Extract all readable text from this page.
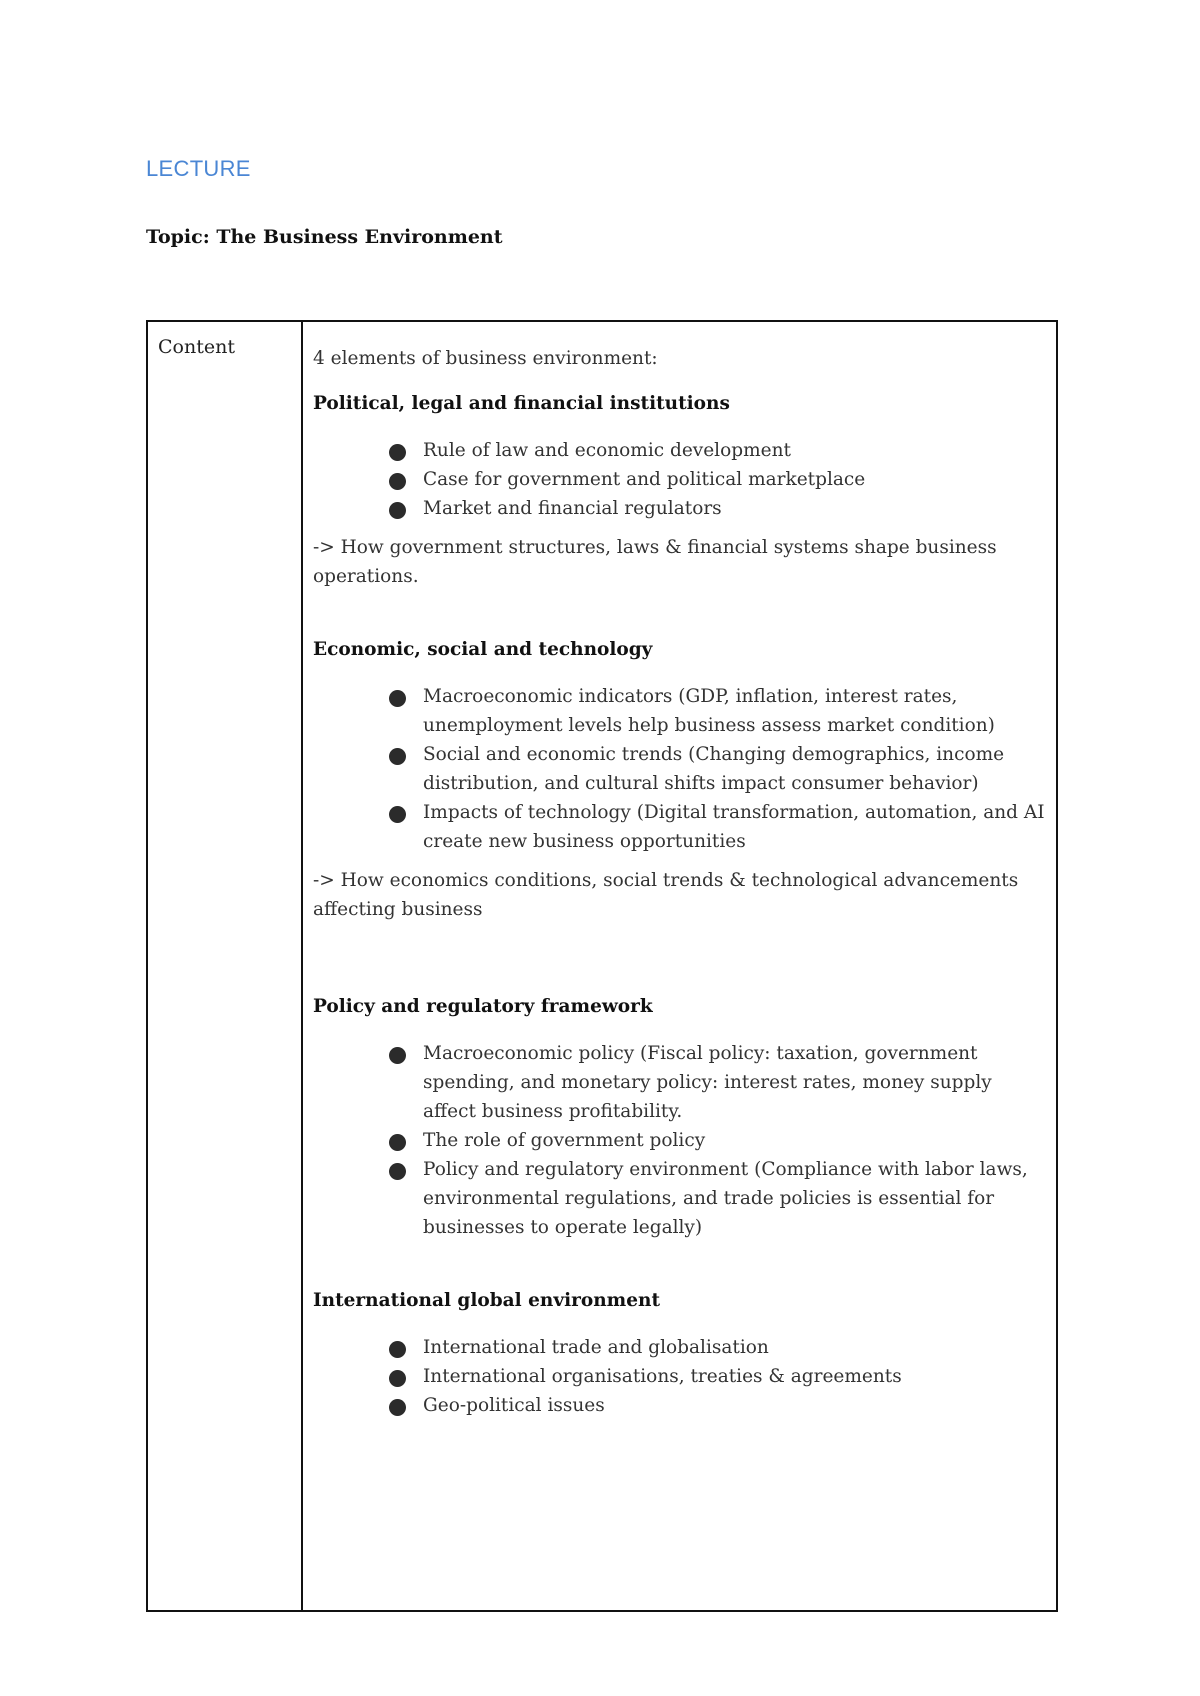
LECTURE

Topic: The Business Environment

Content

4 elements of business environment:

Political, legal and financial institutions

Rule of law and economic development
Case for government and political marketplace
Market and financial regulators

-> How government structures, laws & financial systems shape business operations.

Economic, social and technology

Macroeconomic indicators (GDP, inflation, interest rates, unemployment levels help business assess market condition)
Social and economic trends (Changing demographics, income distribution, and cultural shifts impact consumer behavior)
Impacts of technology (Digital transformation, automation, and AI create new business opportunities

-> How economics conditions, social trends & technological advancements affecting business

Policy and regulatory framework

Macroeconomic policy (Fiscal policy: taxation, government spending, and monetary policy: interest rates, money supply affect business profitability.
The role of government policy
Policy and regulatory environment (Compliance with labor laws, environmental regulations, and trade policies is essential for businesses to operate legally)

International global environment

International trade and globalisation
International organisations, treaties & agreements
Geo-political issues
